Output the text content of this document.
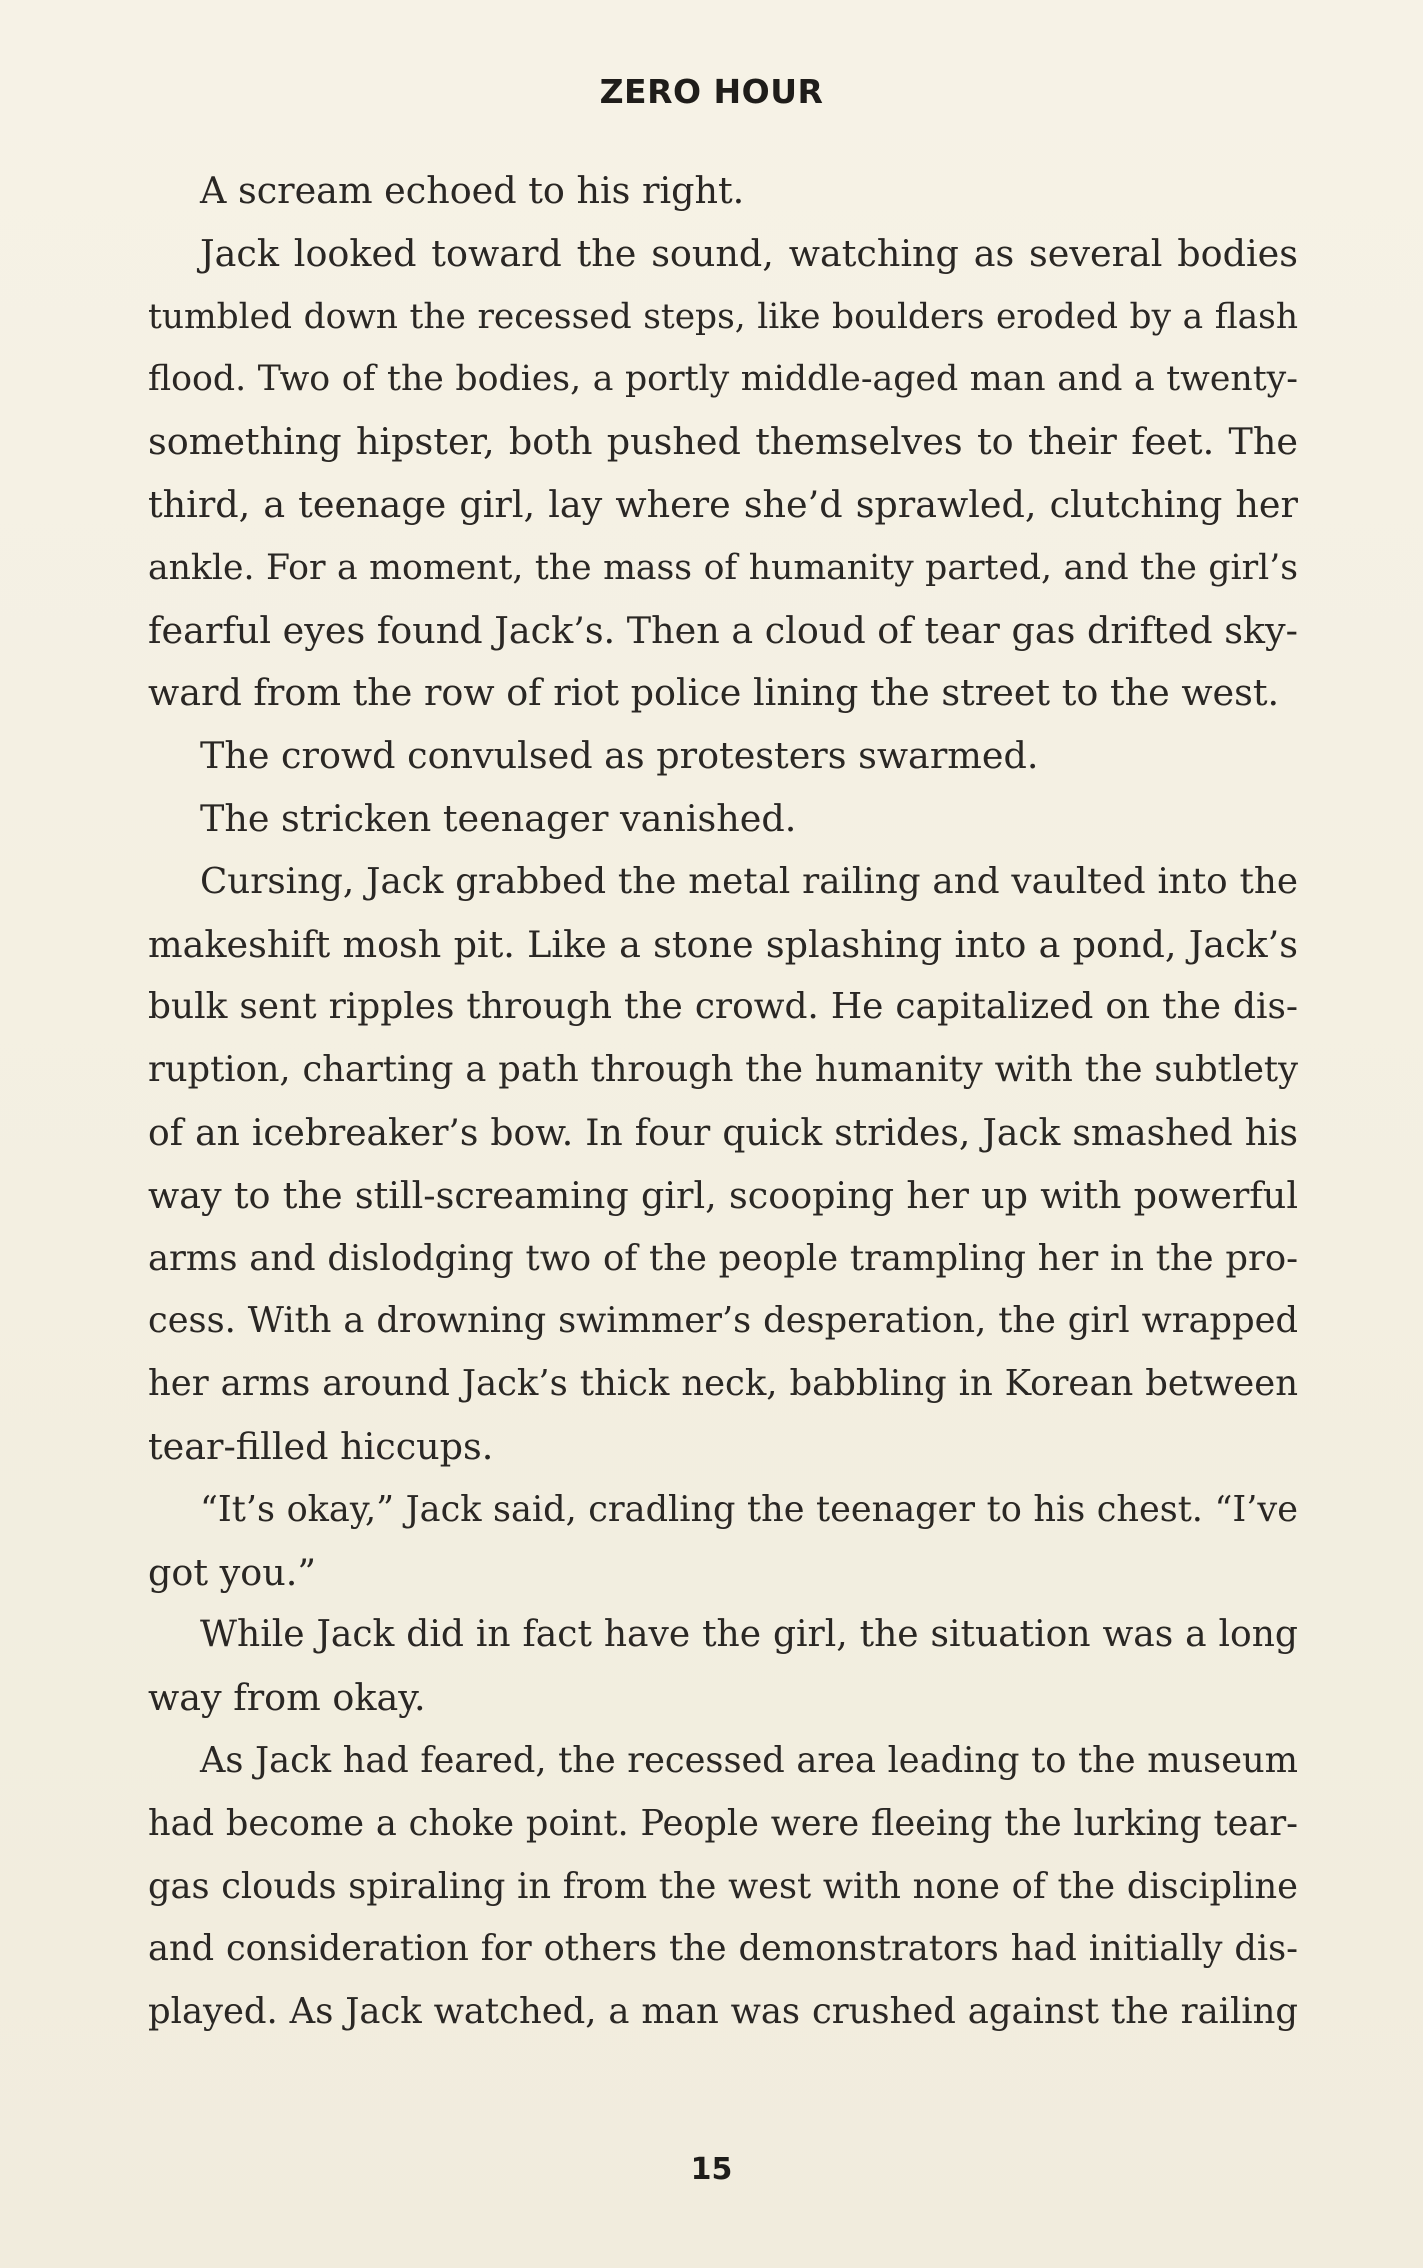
ZERO HOUR
A scream echoed to his right.
Jack looked toward the sound, watching as several bodies
tumbled down the recessed steps, like boulders eroded by a flash
flood. Two of the bodies, a portly middle-aged man and a twenty-
something hipster, both pushed themselves to their feet. The
third, a teenage girl, lay where she’d sprawled, clutching her
ankle. For a moment, the mass of humanity parted, and the girl’s
fearful eyes found Jack’s. Then a cloud of tear gas drifted sky-
ward from the row of riot police lining the street to the west.
The crowd convulsed as protesters swarmed.
The stricken teenager vanished.
Cursing, Jack grabbed the metal railing and vaulted into the
makeshift mosh pit. Like a stone splashing into a pond, Jack’s
bulk sent ripples through the crowd. He capitalized on the dis-
ruption, charting a path through the humanity with the subtlety
of an icebreaker’s bow. In four quick strides, Jack smashed his
way to the still-screaming girl, scooping her up with powerful
arms and dislodging two of the people trampling her in the pro-
cess. With a drowning swimmer’s desperation, the girl wrapped
her arms around Jack’s thick neck, babbling in Korean between
tear-filled hiccups.
“It’s okay,” Jack said, cradling the teenager to his chest. “I’ve
got you.”
While Jack did in fact have the girl, the situation was a long
way from okay.
As Jack had feared, the recessed area leading to the museum
had become a choke point. People were fleeing the lurking tear-
gas clouds spiraling in from the west with none of the discipline
and consideration for others the demonstrators had initially dis-
played. As Jack watched, a man was crushed against the railing
15
